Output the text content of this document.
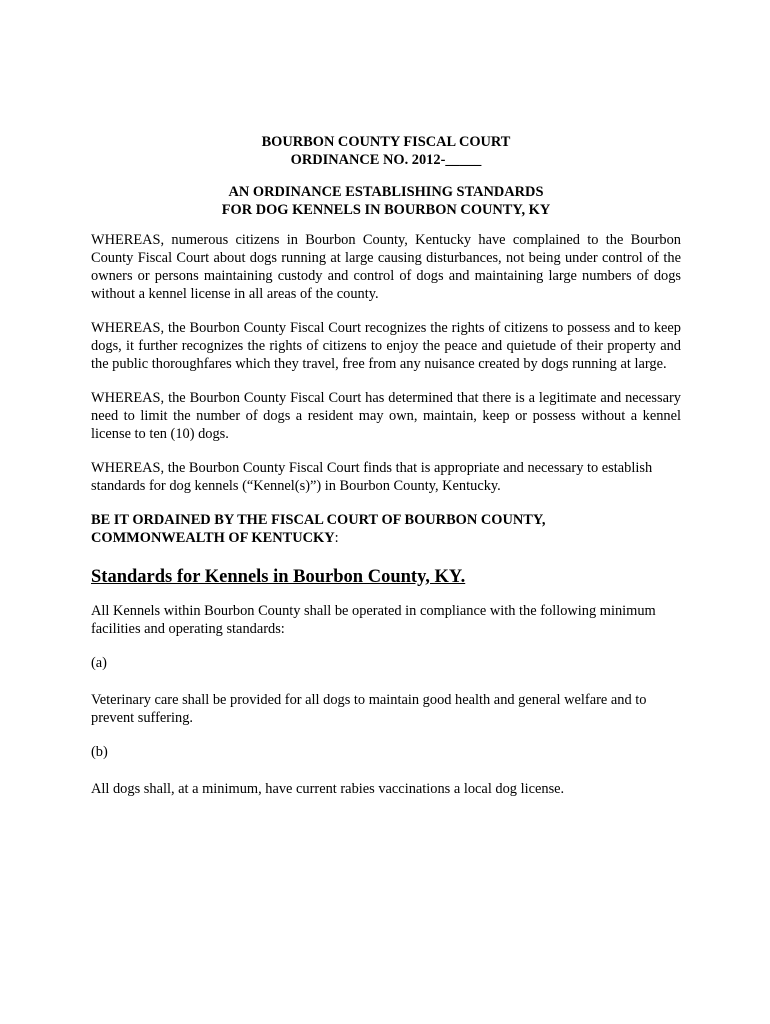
BOURBON COUNTY FISCAL COURT

ORDINANCE NO. 2012-_____

AN ORDINANCE ESTABLISHING STANDARDS

FOR DOG KENNELS IN BOURBON COUNTY, KY

WHEREAS, numerous citizens in Bourbon County, Kentucky have complained to the Bourbon County Fiscal Court about dogs running at large causing disturbances, not being under control of the owners or persons maintaining custody and control of dogs and maintaining large numbers of dogs without a kennel license in all areas of the county.

WHEREAS, the Bourbon County Fiscal Court recognizes the rights of citizens to possess and to keep dogs, it further recognizes the rights of citizens to enjoy the peace and quietude of their property and the public thoroughfares which they travel, free from any nuisance created by dogs running at large.

WHEREAS, the Bourbon County Fiscal Court has determined that there is a legitimate and necessary need to limit the number of dogs a resident may own, maintain, keep or possess without a kennel license to ten (10) dogs.

WHEREAS, the Bourbon County Fiscal Court finds that is appropriate and necessary to establish standards for dog kennels (“Kennel(s)”) in Bourbon County, Kentucky.

BE IT ORDAINED BY THE FISCAL COURT OF BOURBON COUNTY,
COMMONWEALTH OF KENTUCKY:
Standards for Kennels in Bourbon County, KY.

All Kennels within Bourbon County shall be operated in compliance with the following minimum facilities and operating standards:

(a)

Veterinary care shall be provided for all dogs to maintain good health and general welfare and to prevent suffering.

(b)

All dogs shall, at a minimum, have current rabies vaccinations a local dog license.
